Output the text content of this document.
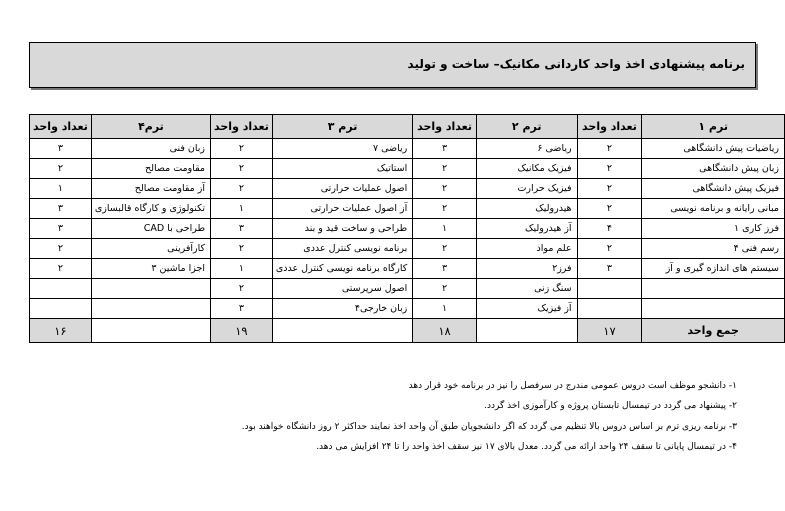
برنامه پیشنهادی اخذ واحد کاردانی مکانیک– ساخت و تولید
ترم ۱	تعداد واحد	ترم ۲	تعداد واحد	ترم ۳	تعداد واحد	ترم۴	تعداد واحد
ریاضیات پیش دانشگاهی	۲	ریاضی ۶	۳	ریاضی ۷	۲	زبان فنی	۳
زبان پیش دانشگاهی	۲	فیزیک مکانیک	۲	استاتیک	۲	مقاومت مصالح	۲
فیزیک پیش دانشگاهی	۲	فیزیک حرارت	۲	اصول عملیات حرارتی	۲	آز مقاومت مصالح	۱
مبانی رایانه و برنامه نویسی	۲	هیدرولیک	۲	آز اصول عملیات حرارتی	۱	تکنولوژی و کارگاه قالبسازی	۳
فرز کاری ۱	۴	آز هیدرولیک	۱	طراحی و ساخت قید و بند	۳	طراحی با CAD	۳
رسم فنی ۴	۲	علم مواد	۲	برنامه نویسی کنترل عددی	۲	کارآفرینی	۲
سیستم های اندازه گیری و آز	۳	فرز۲	۳	کارگاه برنامه نویسی کنترل عددی	۱	اجزا ماشین ۳	۲
		سنگ زنی	۲	اصول سرپرستی	۲		
		آز فیزیک	۱	زبان خارجی۴	۳		
جمع واحد	۱۷		۱۸		۱۹		۱۶

۱- دانشجو موظف است دروس عمومی مندرج در سرفصل را نیز در برنامه خود قرار دهد

۲- پیشنهاد می گردد در تیمسال تابستان پروژه و کارآموزی اخذ گردد.

۳- برنامه ریزی ترم بر اساس دروس بالا تنظیم می گردد که اگر دانشجویان طبق آن واحد اخذ نمایند حداکثر ۲ روز دانشگاه خواهند بود.

۴- در تیمسال پایانی تا سقف ۲۴ واحد ارائه می گردد. معدل بالای ۱۷ نیز سقف اخذ واحد را تا ۲۴ افزایش می دهد.
